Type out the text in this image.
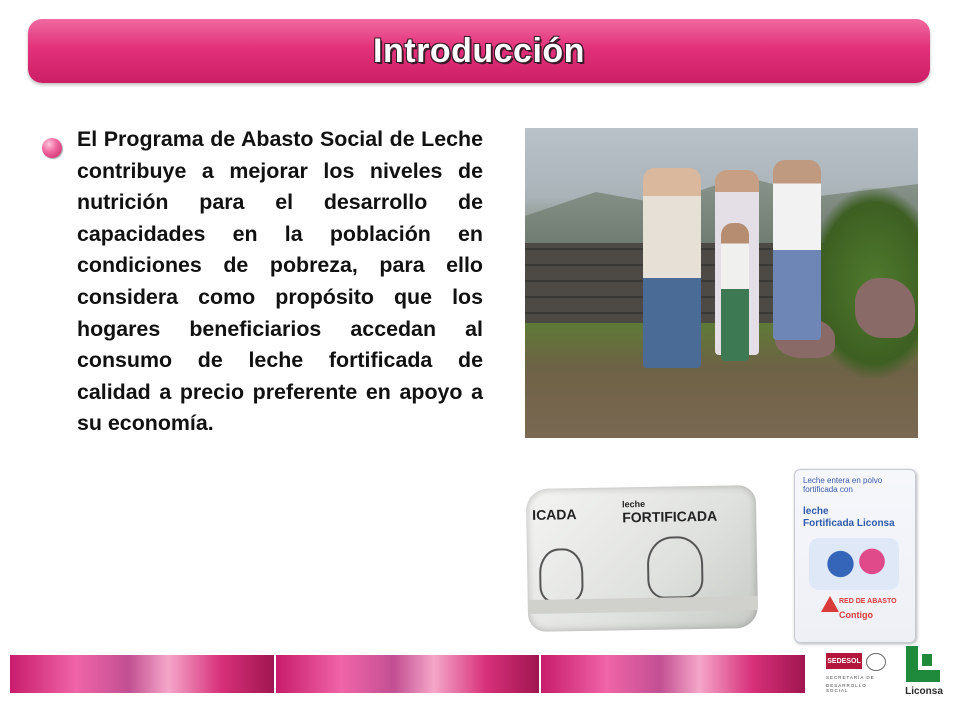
Introducción
El Programa de Abasto Social de Leche contribuye a mejorar los niveles de nutrición para el desarrollo de capacidades en la población en condiciones de pobreza, para ello considera como propósito que los hogares beneficiarios accedan al consumo de leche fortificada de calidad a precio preferente en apoyo a su economía.
ICADA
leche
FORTIFICADA
Leche entera en polvo fortificada con
leche
Fortificada Liconsa
RED DE ABASTO
Contigo
SEDESOL
SECRETARÍA DE
DESARROLLO SOCIAL	Liconsa
